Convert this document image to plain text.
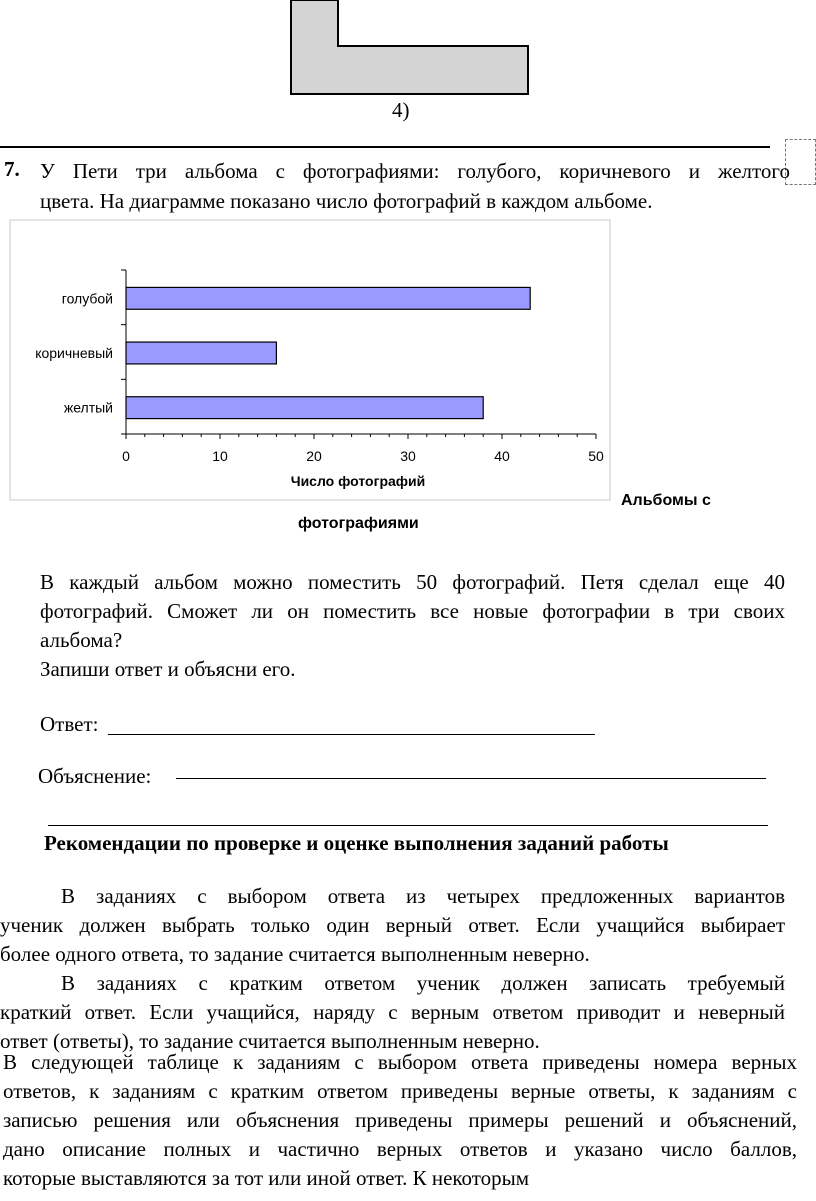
4)
7. У Пети три альбома с фотографиями: голубого, коричневого и желтого
цвета. На диаграмме показано число фотографий в каждом альбоме.
0	10	20	30	40	50
голубой
коричневый
желтый
Число фотографий
Альбомы с
фотографиями

В каждый альбом можно поместить 50 фотографий. Петя сделал еще 40

фотографий. Сможет ли он поместить все новые фотографии в три своих

альбома?

Запиши ответ и объясни его.

Ответ:
Объяснение:
Рекомендации по проверке и оценке выполнения заданий работы

В заданиях с выбором ответа из четырех предложенных вариантов

ученик должен выбрать только один верный ответ. Если учащийся выбирает

более одного ответа, то задание считается выполненным неверно.

В заданиях с кратким ответом ученик должен записать требуемый

краткий ответ. Если учащийся, наряду с верным ответом приводит и неверный

ответ (ответы), то задание считается выполненным неверно.

В следующей таблице к заданиям с выбором ответа приведены номера верных

ответов, к заданиям с кратким ответом приведены верные ответы, к заданиям с

записью решения или объяснения приведены примеры решений и объяснений,

дано описание полных и частично верных ответов и указано число баллов,

которые выставляются за тот или иной ответ. К некоторым
